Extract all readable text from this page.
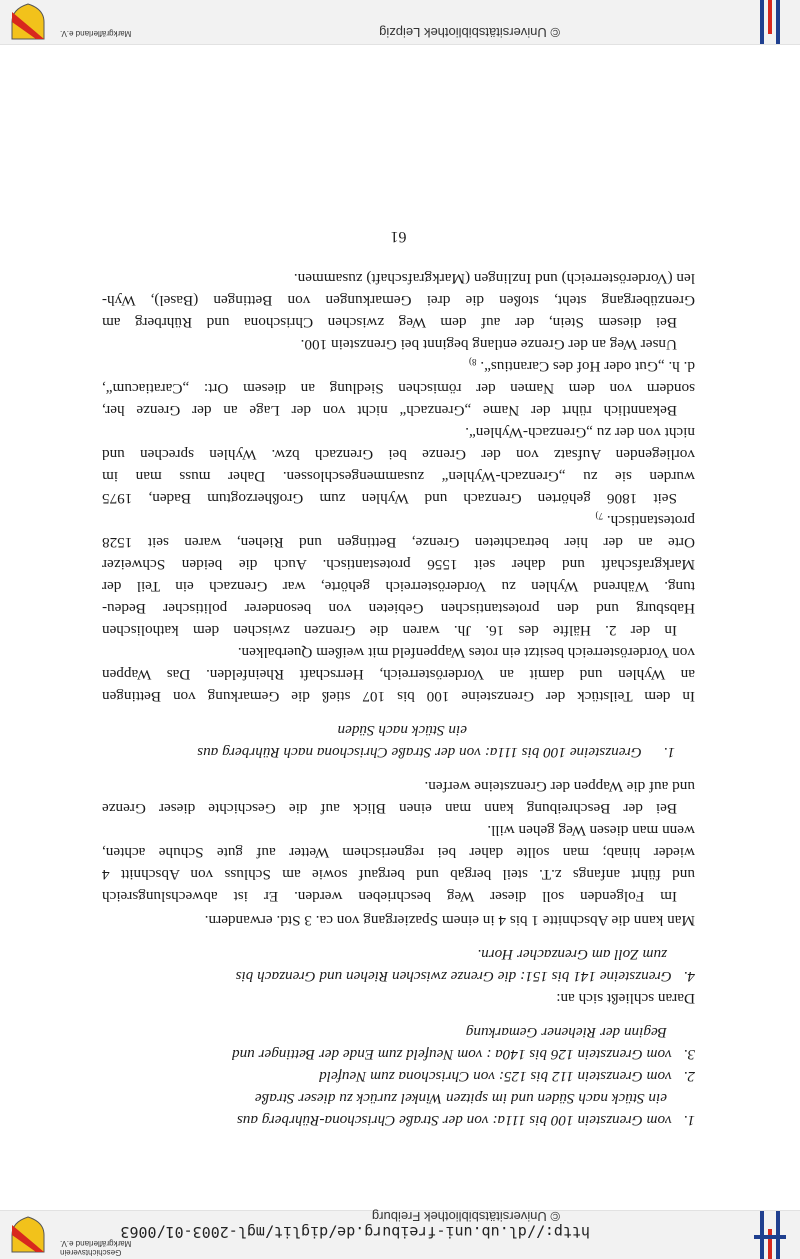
http://dl.ub.uni-freiburg.de/diglit/mgl-2003-01/0063
© Universitätsbibliothek Freiburg
Geschichtsverein
Markgräflerland e.V.
© Universitätsbibliothek Leipzig
Markgräflerland e.V.
1. vom Grenzstein 100 bis 111a: von der Straße Chrischona-Rührberg aus
ein Stück nach Süden und im spitzen Winkel zurück zu dieser Straße
2. vom Grenzstein 112 bis 125: von Chrischona zum Neufeld
3. vom Grenzstein 126 bis 140a : vom Neufeld zum Ende der Bettinger und
Beginn der Riehener Gemarkung
Daran schließt sich an:
4. Grenzsteine 141 bis 151: die Grenze zwischen Riehen und Grenzach bis
zum Zoll am Grenzacher Horn.
Man kann die Abschnitte 1 bis 4 in einem Spaziergang von ca. 3 Std. erwandern.
Im Folgenden soll dieser Weg beschrieben werden. Er ist abwechslungsreich
und führt anfangs z.T. steil bergab und bergauf sowie am Schluss von Abschnitt 4
wieder hinab; man sollte daher bei regnerischem Wetter auf gute Schuhe achten,
wenn man diesen Weg gehen will.
Bei der Beschreibung kann man einen Blick auf die Geschichte dieser Grenze
und auf die Wappen der Grenzsteine werfen.
1. Grenzsteine 100 bis 111a: von der Straße Chrischona nach Rührberg aus
ein Stück nach Süden
In dem Teilstück der Grenzsteine 100 bis 107 stieß die Gemarkung von Bettingen
an Wyhlen und damit an Vorderösterreich, Herrschaft Rheinfelden. Das Wappen
von Vorderösterreich besitzt ein rotes Wappenfeld mit weißem Querbalken.
In der 2. Hälfte des 16. Jh. waren die Grenzen zwischen dem katholischen
Habsburg und den protestantischen Gebieten von besonderer politischer Bedeu-
tung. Während Wyhlen zu Vorderösterreich gehörte, war Grenzach ein Teil der
Markgrafschaft und daher seit 1556 protestantisch. Auch die beiden Schweizer
Orte an der hier betrachteten Grenze, Bettingen und Riehen, waren seit 1528
protestantisch. $^{7)}$
Seit 1806 gehörten Grenzach und Wyhlen zum Großherzogtum Baden, 1975
wurden sie zu „Grenzach-Wyhlen“ zusammengeschlossen. Daher muss man im
vorliegenden Aufsatz von der Grenze bei Grenzach bzw. Wyhlen sprechen und
nicht von der zu „Grenzach-Wyhlen“.
Bekanntlich rührt der Name „Grenzach“ nicht von der Lage an der Grenze her,
sondern von dem Namen der römischen Siedlung an diesem Ort: „Caratiacum“,
d. h. „Gut oder Hof des Carantius“. $^{8)}$
Unser Weg an der Grenze entlang beginnt bei Grenzstein 100.
Bei diesem Stein, der auf dem Weg zwischen Chrischona und Rührberg am
Grenzübergang steht, stoßen die drei Gemarkungen von Bettingen (Basel), Wyh-
len (Vorderösterreich) und Inzlingen (Markgrafschaft) zusammen.
61
